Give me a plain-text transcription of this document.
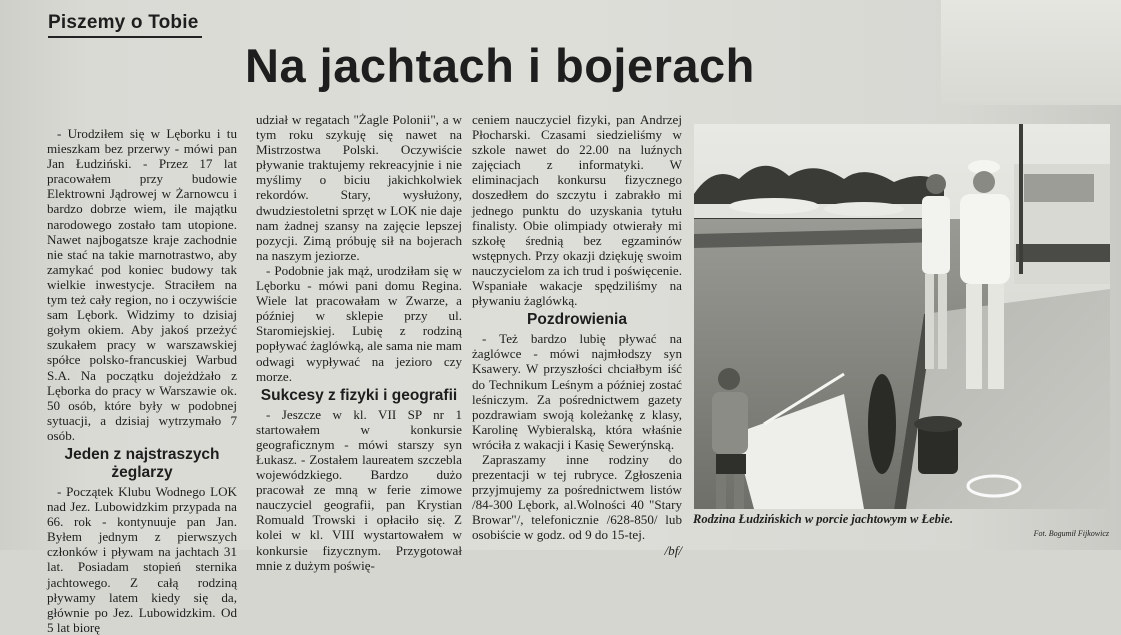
Piszemy o Tobie
Na jachtach i bojerach

- Urodziłem się w Lęborku i tu mieszkam bez przerwy - mówi pan Jan Łudziński. - Przez 17 lat pracowałem przy budowie Elektrowni Jądrowej w Żarnowcu i bardzo dobrze wiem, ile majątku narodowego zostało tam utopione. Nawet najbogatsze kraje zachodnie nie stać na takie marnotrastwo, aby zamykać pod koniec budowy tak wielkie inwestycje. Straciłem na tym też cały region, no i oczywiście sam Lębork. Widzimy to dzisiaj gołym okiem. Aby jakoś przeżyć szukałem pracy w warszawskiej spółce polsko-francuskiej Warbud S.A. Na początku dojeżdżało z Lęborka do pracy w Warszawie ok. 50 osób, które były w podobnej sytuacji, a dzisiaj wytrzymało 7 osób.

Jeden z najstraszych żeglarzy

- Początek Klubu Wodnego LOK nad Jez. Lubowidzkim przypada na 66. rok - kontynuuje pan Jan. Byłem jednym z pierwszych członków i pływam na jachtach 31 lat. Posiadam stopień sternika jachtowego. Z całą rodziną pływamy latem kiedy się da, głównie po Jez. Lubowidzkim. Od 5 lat biorę

udział w regatach "Żagle Polonii", a w tym roku szykuję się nawet na Mistrzostwa Polski. Oczywiście pływanie traktujemy rekreacyjnie i nie myślimy o biciu jakichkolwiek rekordów. Stary, wysłużony, dwudziestoletni sprzęt w LOK nie daje nam żadnej szansy na zajęcie lepszej pozycji. Zimą próbuję sił na bojerach na naszym jeziorze.

- Podobnie jak mąż, urodziłam się w Lęborku - mówi pani domu Regina. Wiele lat pracowałam w Zwarze, a później w sklepie przy ul. Staromiejskiej. Lubię z rodziną popływać żaglówką, ale sama nie mam odwagi wypływać na jezioro czy morze.

Sukcesy z fizyki i geografii

- Jeszcze w kl. VII SP nr 1 startowałem w konkursie geograficznym - mówi starszy syn Łukasz. - Zostałem laureatem szczebla wojewódzkiego. Bardzo dużo pracował ze mną w ferie zimowe nauczyciel geografii, pan Krystian Romuald Trowski i opłaciło się. Z kolei w kl. VIII wystartowałem w konkursie fizycznym. Przygotował mnie z dużym poświę-

ceniem nauczyciel fizyki, pan Andrzej Płocharski. Czasami siedzieliśmy w szkole nawet do 22.00 na luźnych zajęciach z informatyki. W eliminacjach konkursu fizycznego doszedłem do szczytu i zabrakło mi jednego punktu do uzyskania tytułu finalisty. Obie olimpiady otwierały mi szkołę średnią bez egzaminów wstępnych. Przy okazji dziękuję swoim nauczycielom za ich trud i poświęcenie. Wspaniałe wakacje spędziliśmy na pływaniu żaglówką.

Pozdrowienia

- Też bardzo lubię pływać na żaglówce - mówi najmłodszy syn Ksawery. W przyszłości chciałbym iść do Technikum Leśnym a później zostać leśniczym. Za pośrednictwem gazety pozdrawiam swoją koleżankę z klasy, Karolinę Wybieralską, która właśnie wróciła z wakacji i Kasię Sewerýnską.

Zapraszamy inne rodziny do prezentacji w tej rubryce. Zgłoszenia przyjmujemy za pośrednictwem listów /84-300 Lębork, al.Wolności 40 "Stary Browar"/, telefonicznie /628-850/ lub osobiście w godz. od 9 do 15-tej.

/bf/

Rodzina Łudzińskich w porcie jachtowym w Łebie.
Fot. Bogumił Fijkowicz
